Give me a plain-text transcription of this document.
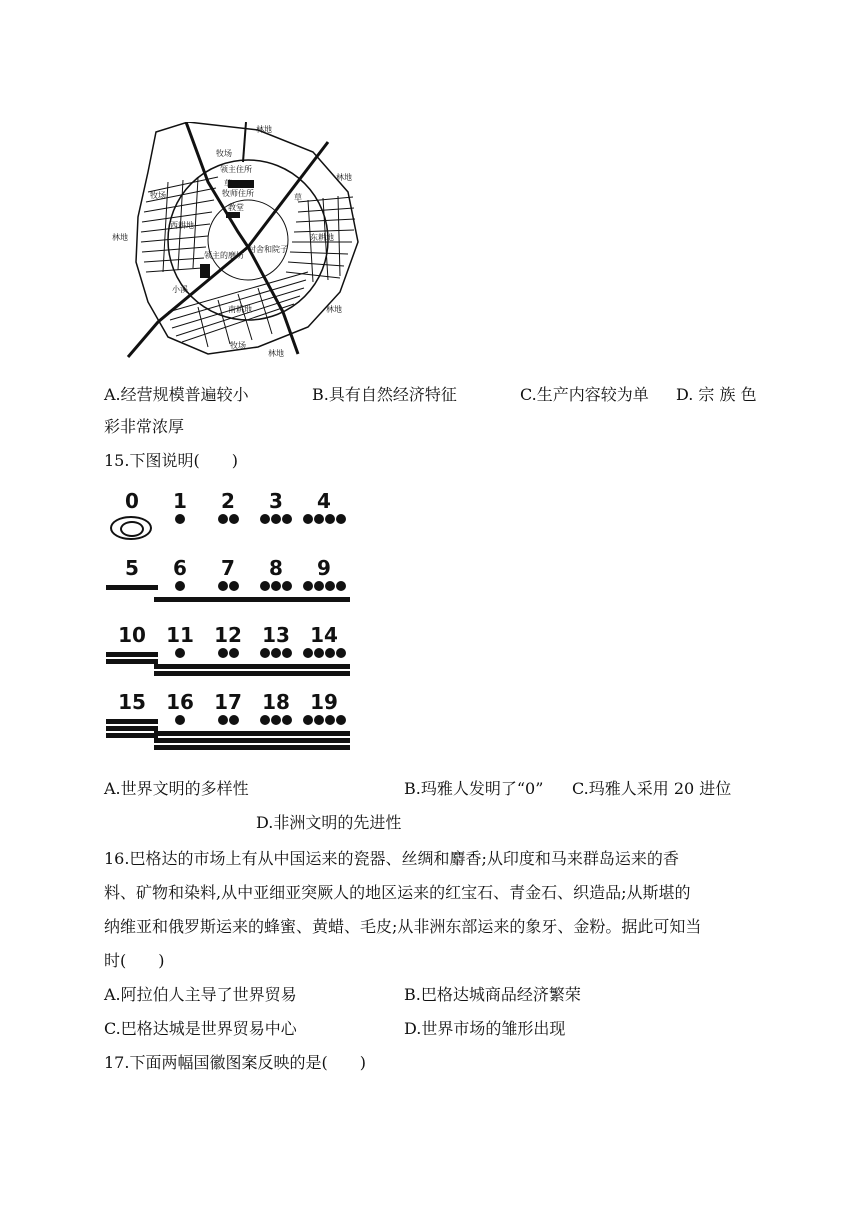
林地
牧场
林地
领主住所
牧师住所
牧场
草
草
教堂
西耕地
东耕地
林地
领主的磨坊
村舍和院子
小溪
南耕地	林地
牧场
林地
A.经营规模普遍较小	B.具有自然经济特征	C.生产内容较为单 D. 宗 族 色
彩非常浓厚
15.下图说明(　　)
0	1	2	3	4
5	6	7	8	9
10	11	12	13	14
15	16	17	18	19
A.世界文明的多样性	B.玛雅人发明了“0” C.玛雅人采用 20 进位
D.非洲文明的先进性
16.巴格达的市场上有从中国运来的瓷器、丝绸和麝香;从印度和马来群岛运来的香
料、矿物和染料,从中亚细亚突厥人的地区运来的红宝石、青金石、织造品;从斯堪的
纳维亚和俄罗斯运来的蜂蜜、黄蜡、毛皮;从非洲东部运来的象牙、金粉。据此可知当
时(　　)
A.阿拉伯人主导了世界贸易	B.巴格达城商品经济繁荣
C.巴格达城是世界贸易中心	D.世界市场的雏形出现
17.下面两幅国徽图案反映的是(　　)
